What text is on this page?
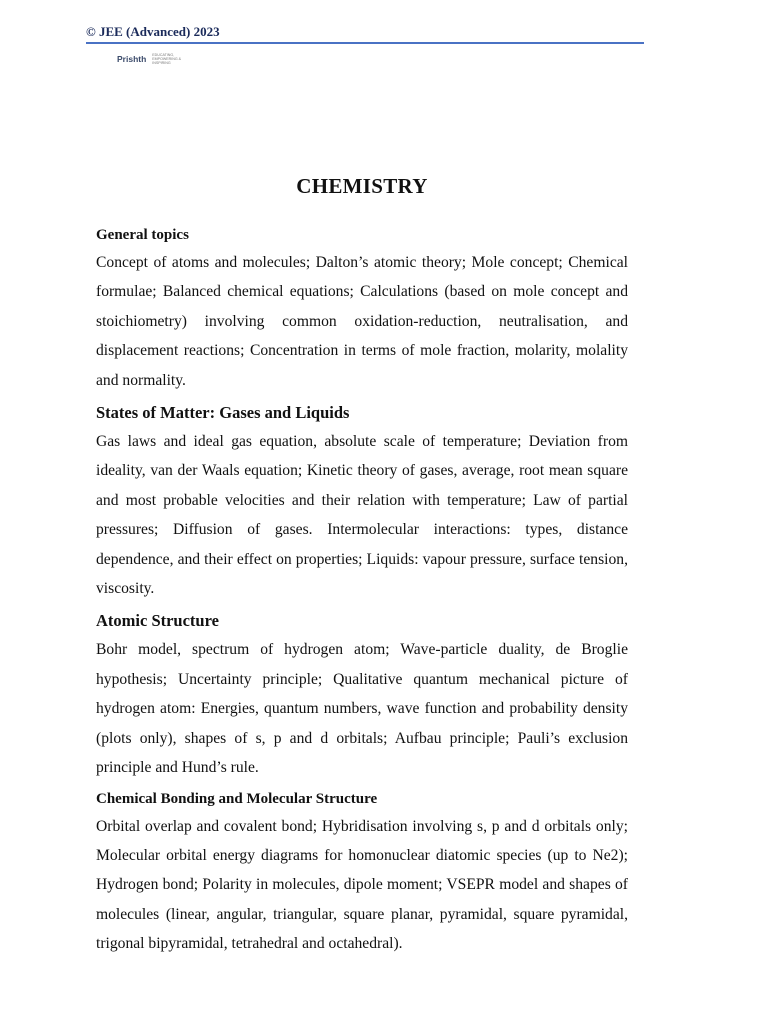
© JEE (Advanced) 2023
Prishth EDUCATING, EMPOWERING & INSPIRING
CHEMISTRY
General topics

Concept of atoms and molecules; Dalton’s atomic theory; Mole concept; Chemical formulae; Balanced chemical equations; Calculations (based on mole concept and stoichiometry) involving common oxidation-reduction, neutralisation, and displacement reactions; Concentration in terms of mole fraction, molarity, molality and normality.

States of Matter: Gases and Liquids

Gas laws and ideal gas equation, absolute scale of temperature; Deviation from ideality, van der Waals equation; Kinetic theory of gases, average, root mean square and most probable velocities and their relation with temperature; Law of partial pressures; Diffusion of gases. Intermolecular interactions: types, distance dependence, and their effect on properties; Liquids: vapour pressure, surface tension, viscosity.

Atomic Structure

Bohr model, spectrum of hydrogen atom; Wave-particle duality, de Broglie hypothesis; Uncertainty principle; Qualitative quantum mechanical picture of hydrogen atom: Energies, quantum numbers, wave function and probability density (plots only), shapes of s, p and d orbitals; Aufbau principle; Pauli’s exclusion principle and Hund’s rule.

Chemical Bonding and Molecular Structure

Orbital overlap and covalent bond; Hybridisation involving s, p and d orbitals only; Molecular orbital energy diagrams for homonuclear diatomic species (up to Ne2); Hydrogen bond; Polarity in molecules, dipole moment; VSEPR model and shapes of molecules (linear, angular, triangular, square planar, pyramidal, square pyramidal, trigonal bipyramidal, tetrahedral and octahedral).
